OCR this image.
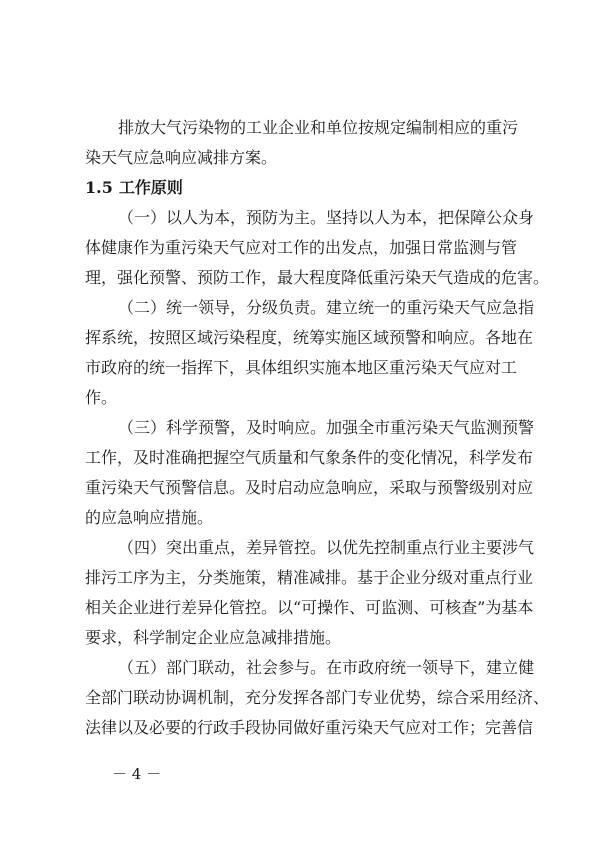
排放大气污染物的工业企业和单位按规定编制相应的重污
染天气应急响应减排方案。
1.5 工作原则
（一）以人为本，预防为主。坚持以人为本，把保障公众身
体健康作为重污染天气应对工作的出发点，加强日常监测与管
理，强化预警、预防工作，最大程度降低重污染天气造成的危害。
（二）统一领导，分级负责。建立统一的重污染天气应急指
挥系统，按照区域污染程度，统筹实施区域预警和响应。各地在
市政府的统一指挥下，具体组织实施本地区重污染天气应对工
作。
（三）科学预警，及时响应。加强全市重污染天气监测预警
工作，及时准确把握空气质量和气象条件的变化情况，科学发布
重污染天气预警信息。及时启动应急响应，采取与预警级别对应
的应急响应措施。
（四）突出重点，差异管控。以优先控制重点行业主要涉气
排污工序为主，分类施策，精准减排。基于企业分级对重点行业
相关企业进行差异化管控。以“可操作、可监测、可核查”为基本
要求，科学制定企业应急减排措施。
（五）部门联动，社会参与。在市政府统一领导下，建立健
全部门联动协调机制，充分发挥各部门专业优势，综合采用经济、
法律以及必要的行政手段协同做好重污染天气应对工作；完善信
－ 4 －
